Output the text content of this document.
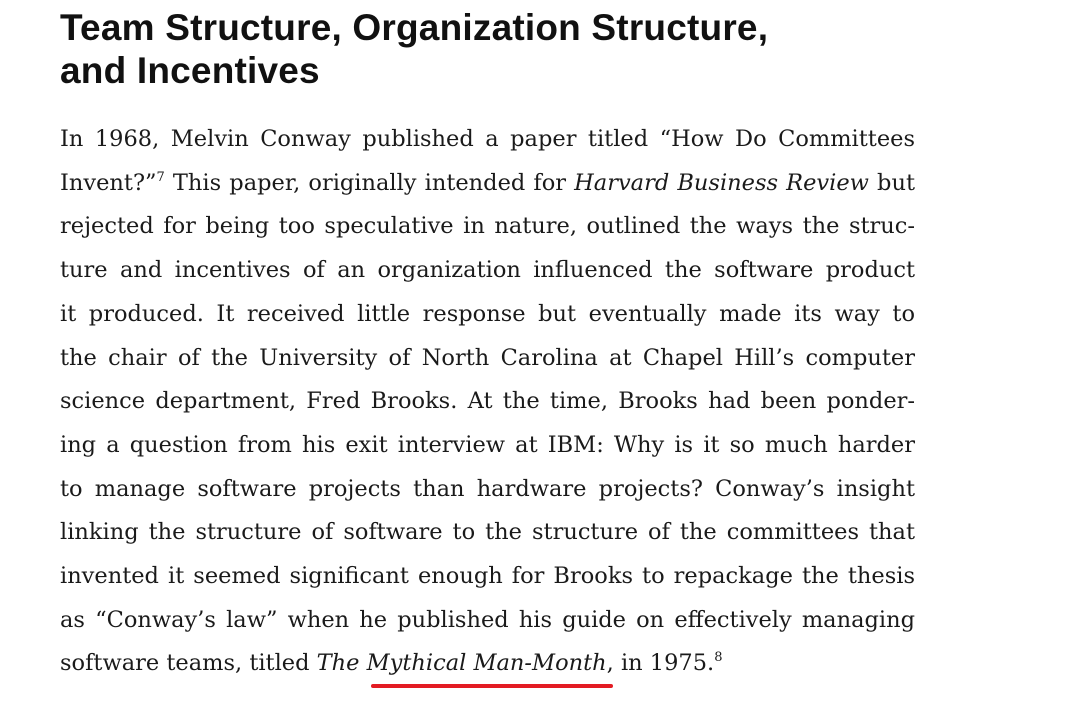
Team Structure, Organization Structure,
and Incentives

In 1968, Melvin Conway published a paper titled “How Do Committees
Invent?”$^7$ This paper, originally intended for Harvard Business Review but
rejected for being too speculative in nature, outlined the ways the struc-
ture and incentives of an organization influenced the software product
it produced. It received little response but eventually made its way to
the chair of the University of North Carolina at Chapel Hill’s computer
science department, Fred Brooks. At the time, Brooks had been ponder-
ing a question from his exit interview at IBM: Why is it so much harder
to manage software projects than hardware projects? Conway’s insight
linking the structure of software to the structure of the committees that
invented it seemed significant enough for Brooks to repackage the thesis
as “Conway’s law” when he published his guide on effectively managing
software teams, titled The Mythical Man-Month, in 1975.$^8$
